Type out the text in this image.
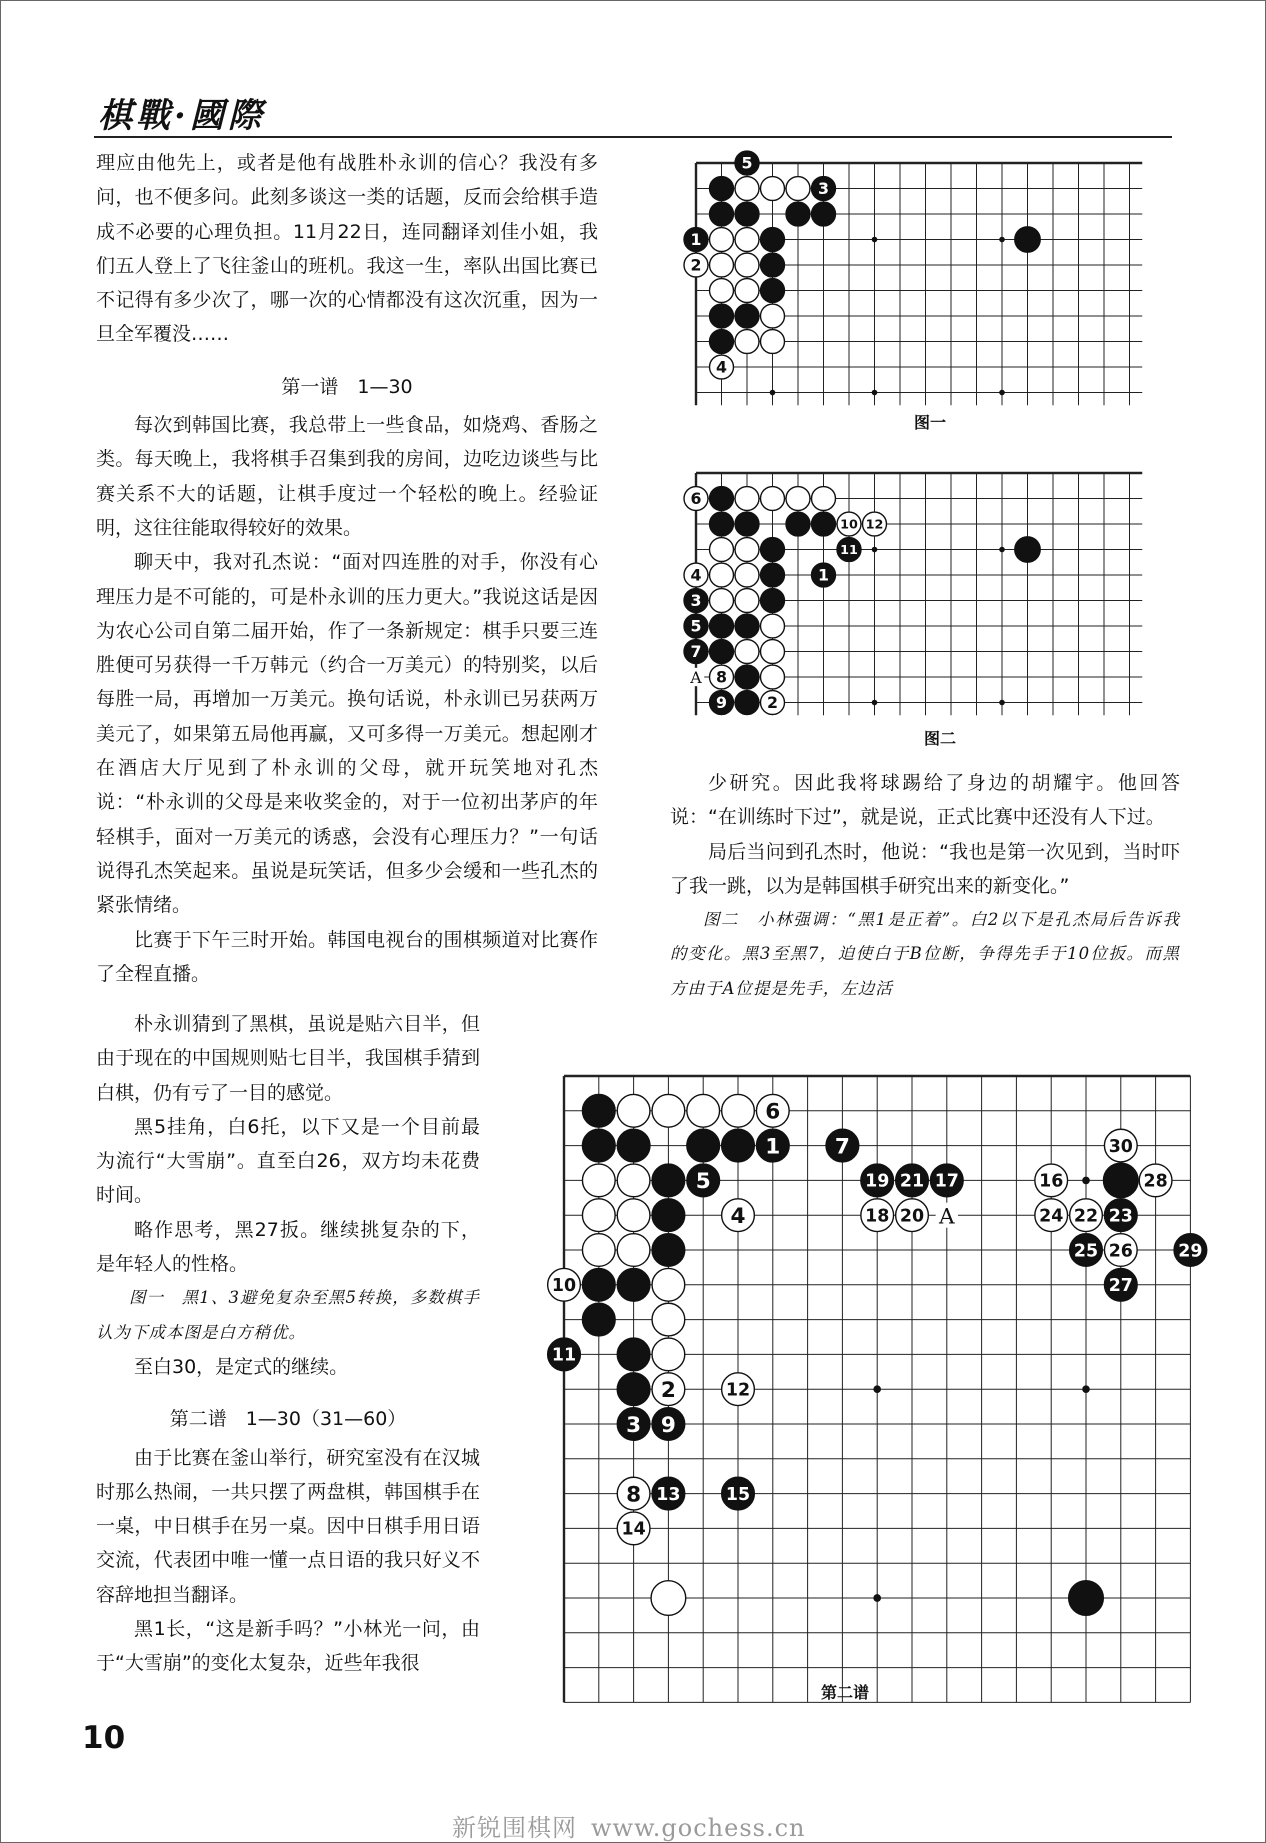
棋戰·國際

理应由他先上，或者是他有战胜朴永训的信心？我没有多问，也不便多问。此刻多谈这一类的话题，反而会给棋手造成不必要的心理负担。11月22日，连同翻译刘佳小姐，我们五人登上了飞往釜山的班机。我这一生，率队出国比赛已不记得有多少次了，哪一次的心情都没有这次沉重，因为一旦全军覆没……

第一谱　1—30

每次到韩国比赛，我总带上一些食品，如烧鸡、香肠之类。每天晚上，我将棋手召集到我的房间，边吃边谈些与比赛关系不大的话题，让棋手度过一个轻松的晚上。经验证明，这往往能取得较好的效果。

聊天中，我对孔杰说：“面对四连胜的对手，你没有心理压力是不可能的，可是朴永训的压力更大。”我说这话是因为农心公司自第二届开始，作了一条新规定：棋手只要三连胜便可另获得一千万韩元（约合一万美元）的特别奖，以后每胜一局，再增加一万美元。换句话说，朴永训已另获两万美元了，如果第五局他再赢，又可多得一万美元。想起刚才在酒店大厅见到了朴永训的父母，就开玩笑地对孔杰说：“朴永训的父母是来收奖金的，对于一位初出茅庐的年轻棋手，面对一万美元的诱惑，会没有心理压力？”一句话说得孔杰笑起来。虽说是玩笑话，但多少会缓和一些孔杰的紧张情绪。

比赛于下午三时开始。韩国电视台的围棋频道对比赛作了全程直播。

朴永训猜到了黑棋，虽说是贴六目半，但由于现在的中国规则贴七目半，我国棋手猜到白棋，仍有亏了一目的感觉。

黑5挂角，白6托，以下又是一个目前最为流行“大雪崩”。直至白26，双方均未花费时间。

略作思考，黑27扳。继续挑复杂的下，是年轻人的性格。

图一　黑1、3避免复杂至黑5转换，多数棋手认为下成本图是白方稍优。

至白30，是定式的继续。

第二谱　1—30（31—60）

由于比赛在釜山举行，研究室没有在汉城时那么热闹，一共只摆了两盘棋，韩国棋手在一桌，中日棋手在另一桌。因中日棋手用日语交流，代表团中唯一懂一点日语的我只好义不容辞地担当翻译。

黑1长，“这是新手吗？”小林光一问，由于“大雪崩”的变化太复杂，近些年我很

少研究。因此我将球踢给了身边的胡耀宇。他回答说：“在训练时下过”，就是说，正式比赛中还没有人下过。

局后当问到孔杰时，他说：“我也是第一次见到，当时吓了我一跳，以为是韩国棋手研究出来的新变化。”

图二　小林强调：“黑1是正着”。白2以下是孔杰局后告诉我的变化。黑3至黑7，迫使白于B位断，争得先手于10位扳。而黑方由于A位提是先手，左边活

5
3
1
2
4
图一
1
3
5
7
9
11
6
4
8
2
10 12
A
图二
1
3
5
7
9
11
13	15
17
19 21
23
25
27
29
6
4
2
10
12
8
14
16
18 20	22
24
26
28
30
A
第二谱
10
新锐围棋网 www.gochess.cn
